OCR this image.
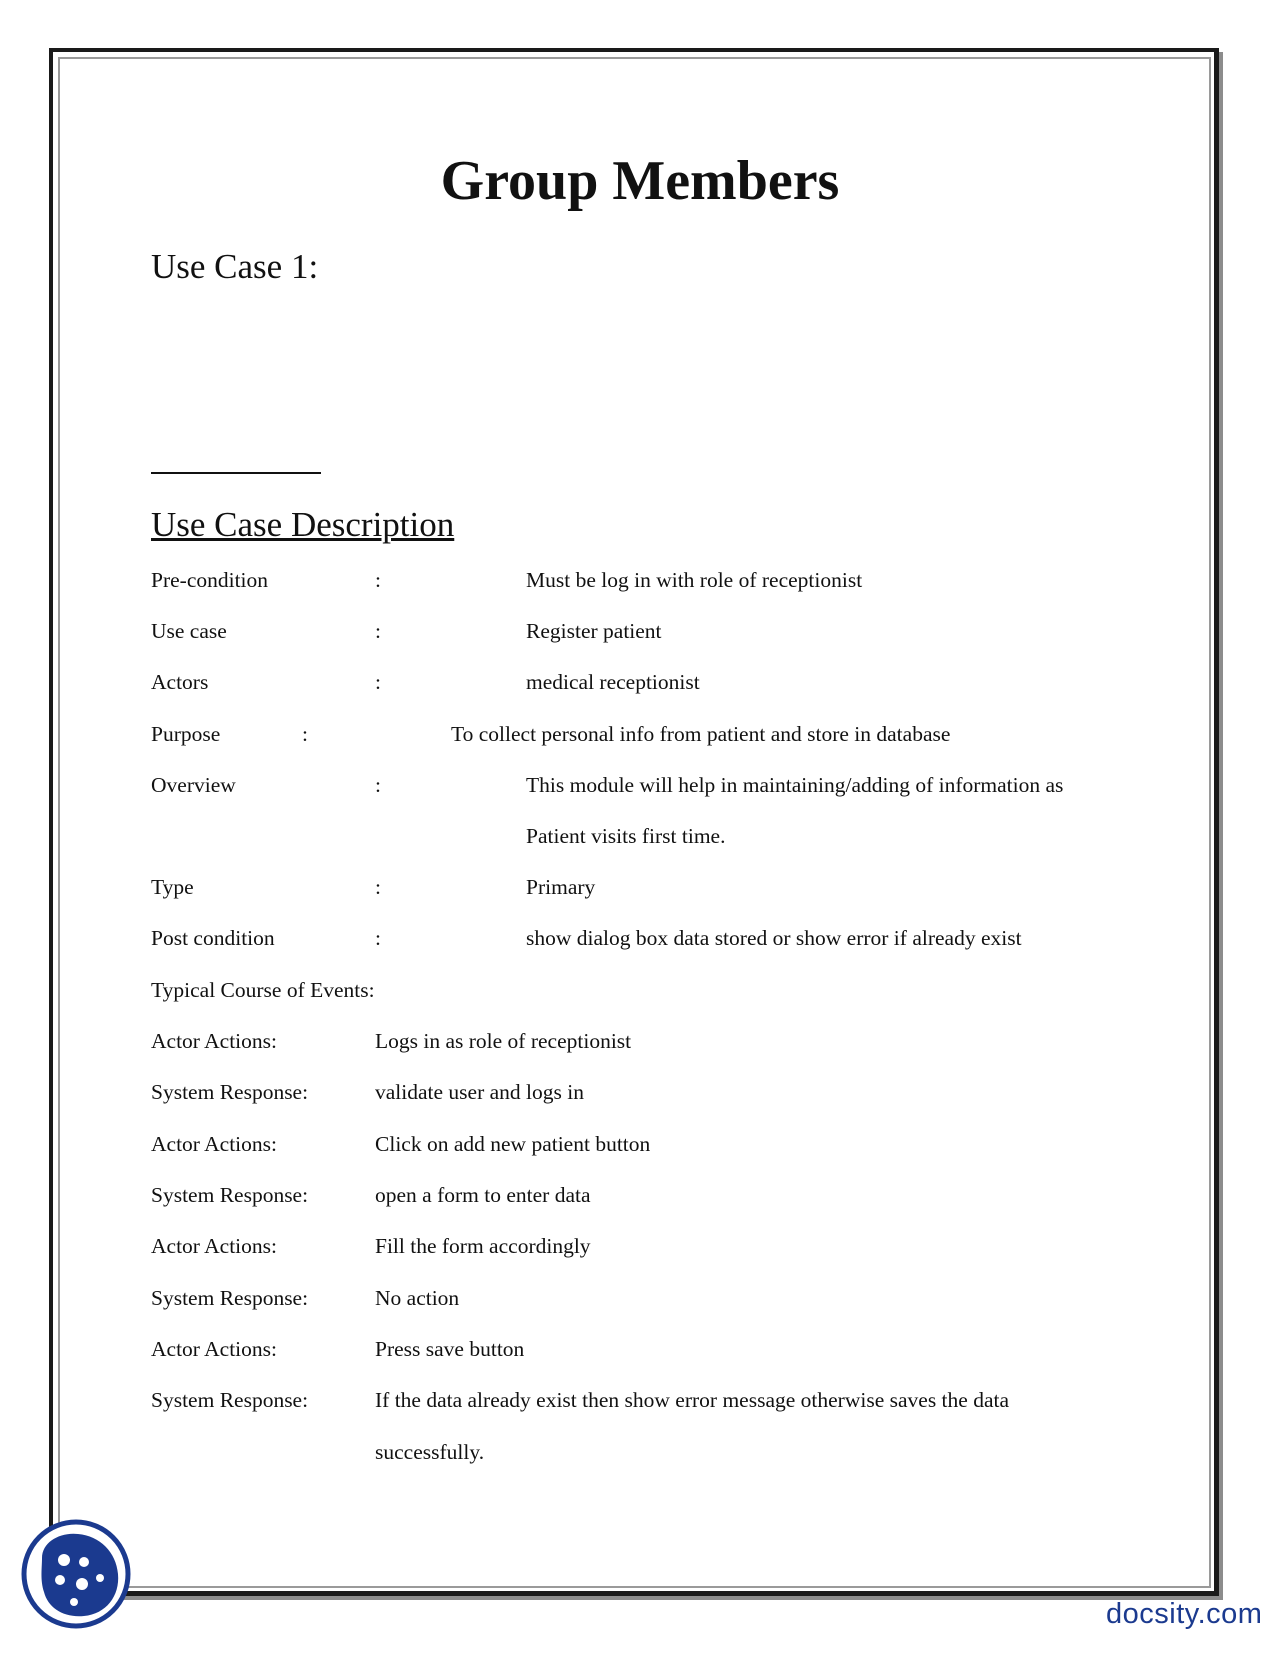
Group Members
Use Case 1:
Use Case Description
Pre-condition	:	Must be log in with role of receptionist
Use case	:	Register patient
Actors	:	medical receptionist
Purpose	:	To collect personal info from patient and store in database
Overview	:	This module will help in maintaining/adding of information as
Patient visits first time.
Type	:	Primary
Post condition	:	show dialog box data stored or show error if already exist
Typical Course of Events:
Actor Actions:	Logs in as role of receptionist
System Response:	validate user and logs in
Actor Actions:	Click on add new patient button
System Response:	open a form to enter data
Actor Actions:	Fill the form accordingly
System Response:	No action
Actor Actions:	Press save button
System Response:	If the data already exist then show error message otherwise saves the data
successfully.
docsity.com
